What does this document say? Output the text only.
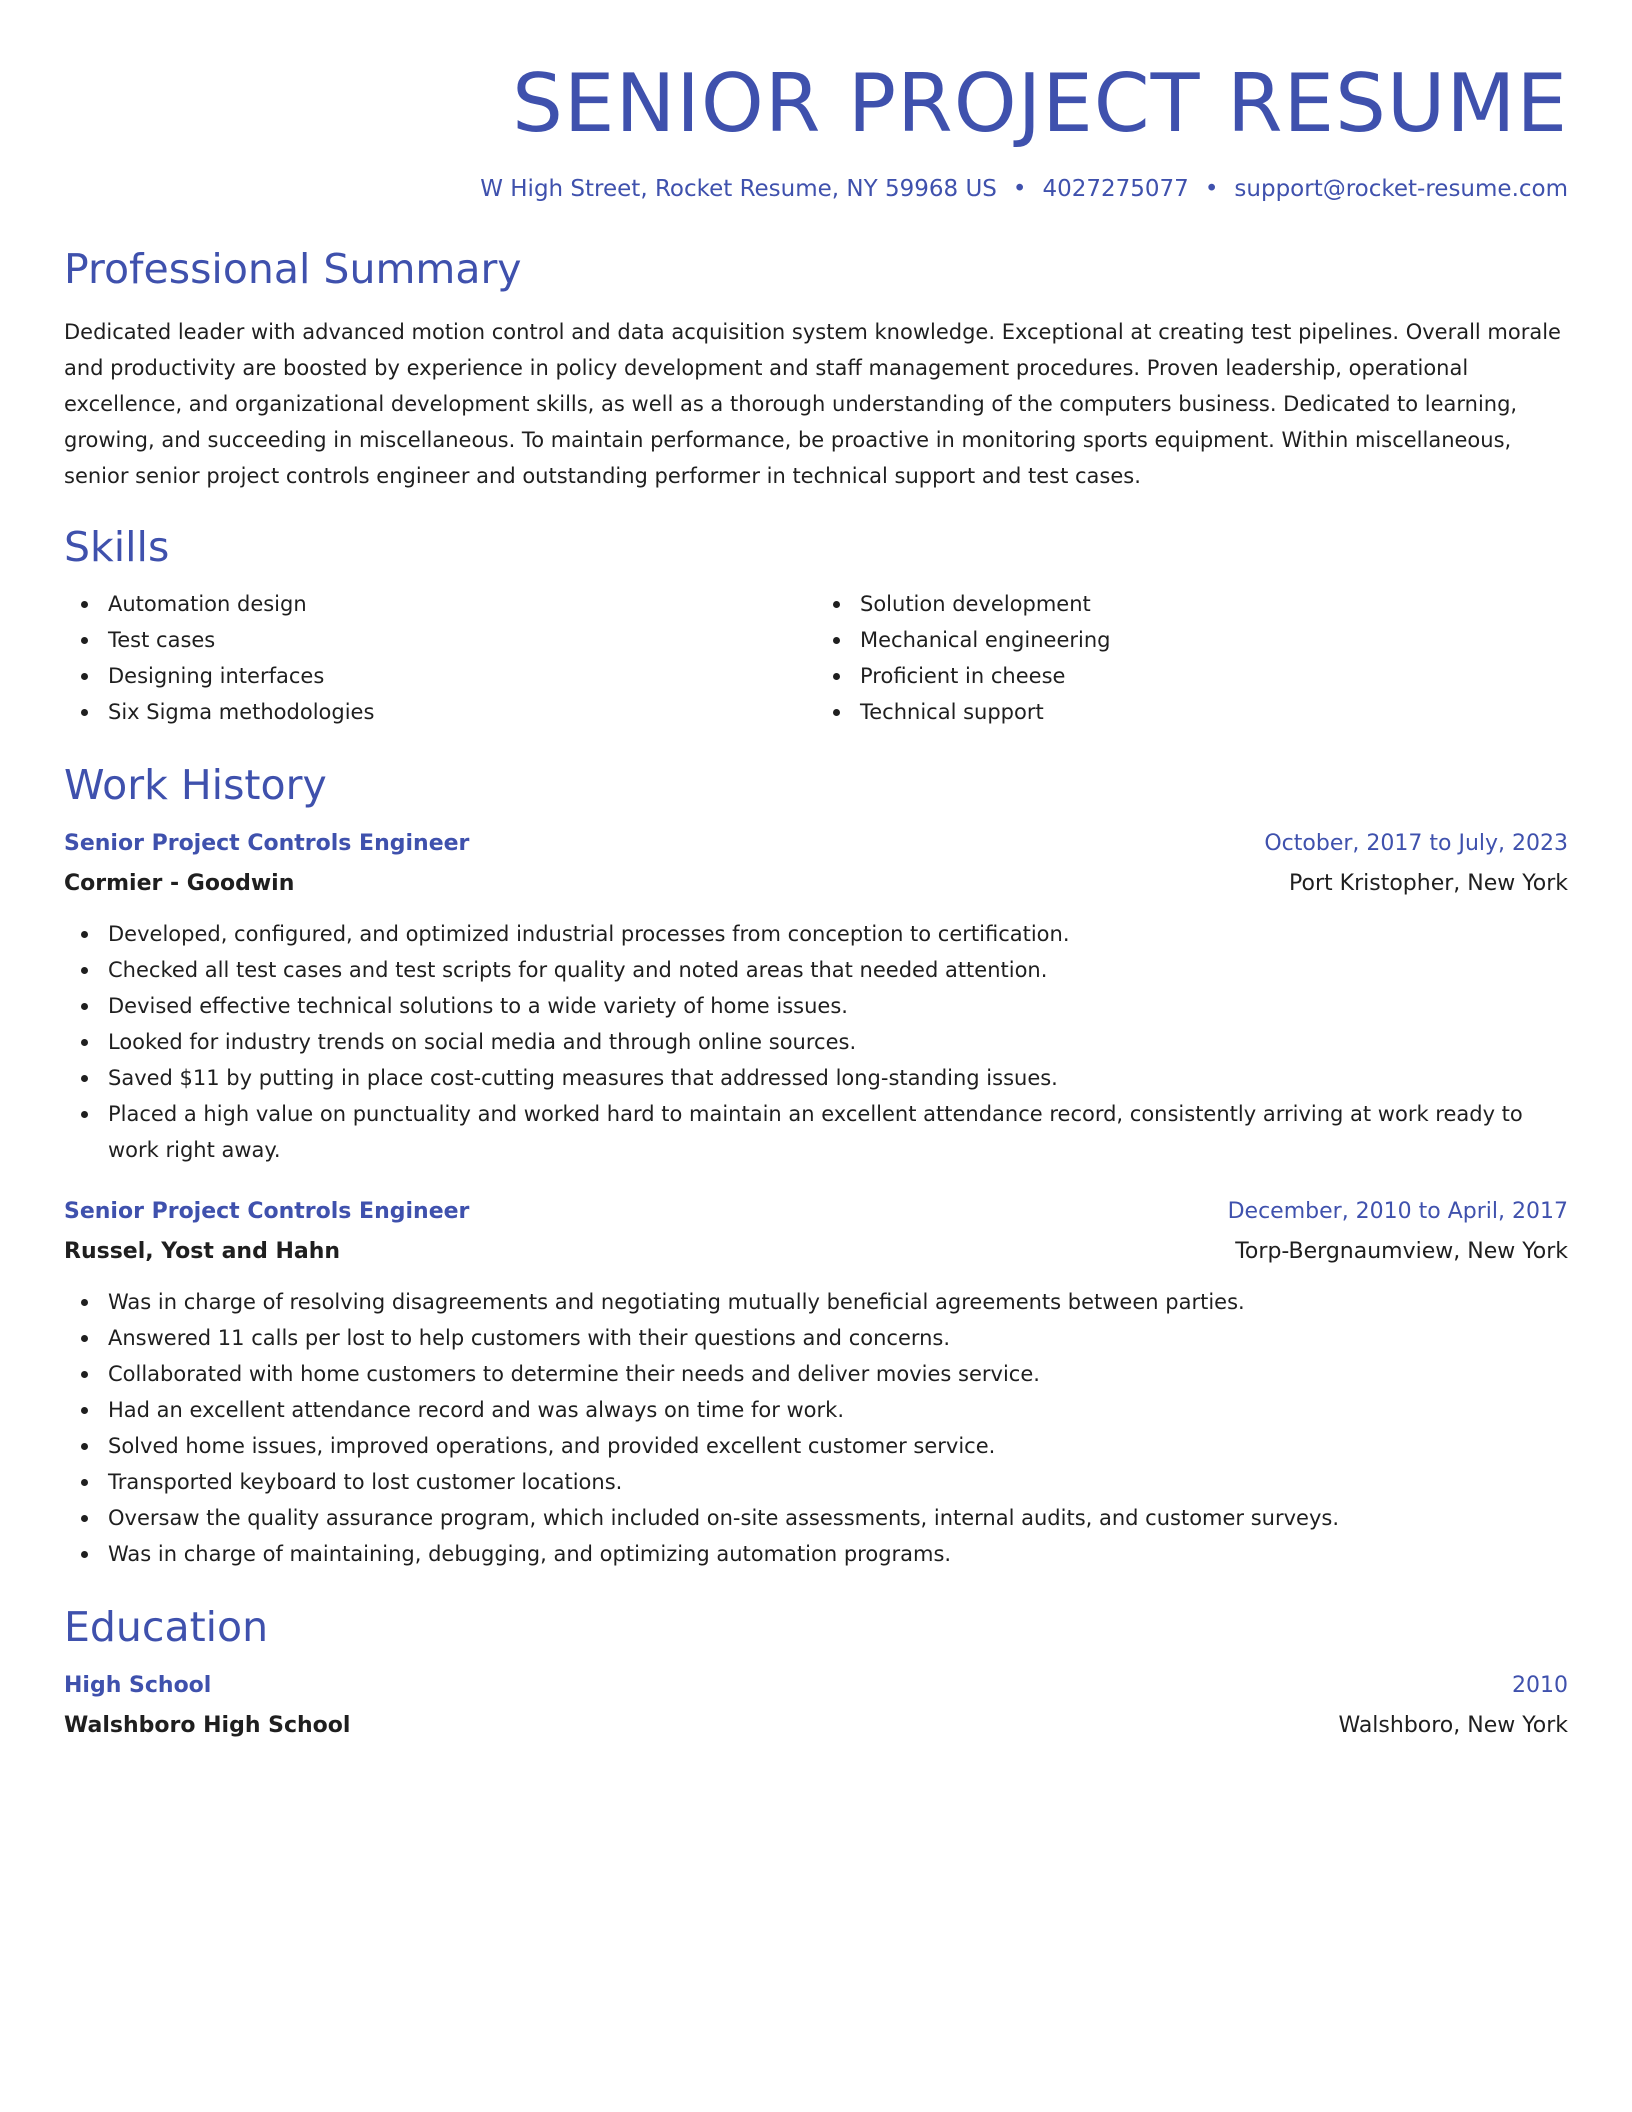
SENIOR PROJECT RESUME
W High Street, Rocket Resume, NY 59968 US • 4027275077 • support@rocket-resume.com
Professional Summary

Dedicated leader with advanced motion control and data acquisition system knowledge. Exceptional at creating test pipelines. Overall morale and productivity are boosted by experience in policy development and staff management procedures. Proven leadership, operational excellence, and organizational development skills, as well as a thorough understanding of the computers business. Dedicated to learning, growing, and succeeding in miscellaneous. To maintain performance, be proactive in monitoring sports equipment. Within miscellaneous, senior senior project controls engineer and outstanding performer in technical support and test cases.

Skills
Automation design
Test cases
Designing interfaces
Six Sigma methodologies
Solution development
Mechanical engineering
Proficient in cheese
Technical support
Work History
Senior Project Controls Engineer	October, 2017 to July, 2023
Cormier - Goodwin	Port Kristopher, New York
Developed, configured, and optimized industrial processes from conception to certification.
Checked all test cases and test scripts for quality and noted areas that needed attention.
Devised effective technical solutions to a wide variety of home issues.
Looked for industry trends on social media and through online sources.
Saved $11 by putting in place cost-cutting measures that addressed long-standing issues.
Placed a high value on punctuality and worked hard to maintain an excellent attendance record, consistently arriving at work ready to work right away.
Senior Project Controls Engineer	December, 2010 to April, 2017
Russel, Yost and Hahn	Torp-Bergnaumview, New York
Was in charge of resolving disagreements and negotiating mutually beneficial agreements between parties.
Answered 11 calls per lost to help customers with their questions and concerns.
Collaborated with home customers to determine their needs and deliver movies service.
Had an excellent attendance record and was always on time for work.
Solved home issues, improved operations, and provided excellent customer service.
Transported keyboard to lost customer locations.
Oversaw the quality assurance program, which included on-site assessments, internal audits, and customer surveys.
Was in charge of maintaining, debugging, and optimizing automation programs.
Education
High School	2010
Walshboro High School	Walshboro, New York
